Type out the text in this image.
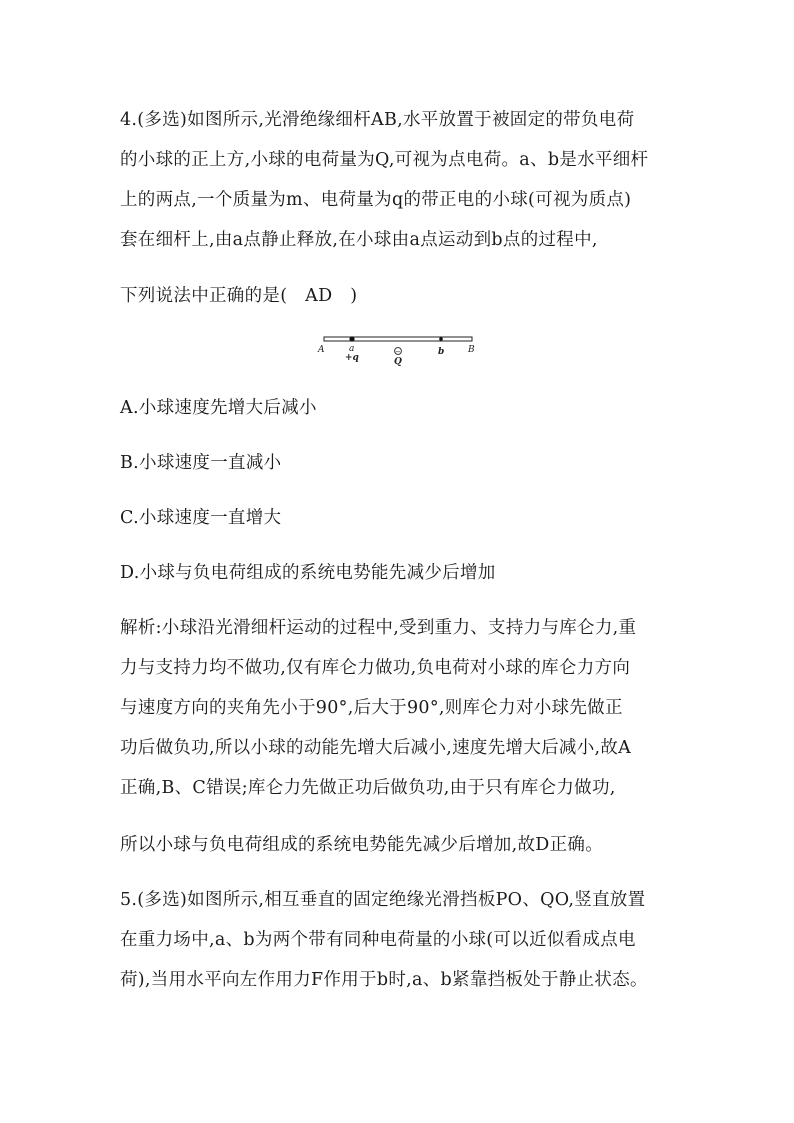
4.(多选)如图所示,光滑绝缘细杆AB,水平放置于被固定的带负电荷
的小球的正上方,小球的电荷量为Q,可视为点电荷。a、b是水平细杆
上的两点,一个质量为m、电荷量为q的带正电的小球(可视为质点)
套在细杆上,由a点静止释放,在小球由a点运动到b点的过程中,
下列说法中正确的是(　AD　)
A	a
+q
−
Q
b	B
A.小球速度先增大后减小
B.小球速度一直减小
C.小球速度一直增大
D.小球与负电荷组成的系统电势能先减少后增加
解析:小球沿光滑细杆运动的过程中,受到重力、支持力与库仑力,重
力与支持力均不做功,仅有库仑力做功,负电荷对小球的库仑力方向
与速度方向的夹角先小于90°,后大于90°,则库仑力对小球先做正
功后做负功,所以小球的动能先增大后减小,速度先增大后减小,故A
正确,B、C错误;库仑力先做正功后做负功,由于只有库仑力做功,
所以小球与负电荷组成的系统电势能先减少后增加,故D正确。
5.(多选)如图所示,相互垂直的固定绝缘光滑挡板PO、QO,竖直放置
在重力场中,a、b为两个带有同种电荷量的小球(可以近似看成点电
荷),当用水平向左作用力F作用于b时,a、b紧靠挡板处于静止状态。
